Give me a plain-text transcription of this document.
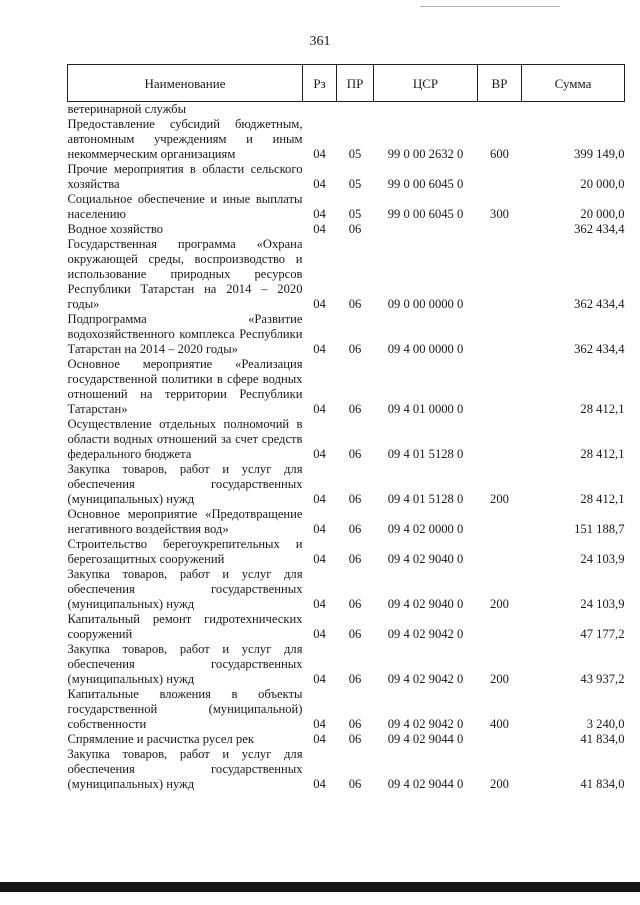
361
Наименование	Рз	ПР	ЦСР	ВР	Сумма
ветеринарной службы					
Предоставление субсидий бюджетным, автономным учреждениям и иным некоммерческим организациям	04	05	99 0 00 2632 0	600	399 149,0
Прочие мероприятия в области сельского хозяйства	04	05	99 0 00 6045 0		20 000,0
Социальное обеспечение и иные выплаты населению	04	05	99 0 00 6045 0	300	20 000,0
Водное хозяйство	04	06			362 434,4
Государственная программа «Охрана окружающей среды, воспроизводство и использование природных ресурсов Республики Татарстан на 2014 – 2020 годы»	04	06	09 0 00 0000 0		362 434,4
Подпрограмма «Развитие водохозяйственного комплекса Республики Татарстан на 2014 – 2020 годы»	04	06	09 4 00 0000 0		362 434,4
Основное мероприятие «Реализация государственной политики в сфере водных отношений на территории Республики Татарстан»	04	06	09 4 01 0000 0		28 412,1
Осуществление отдельных полномочий в области водных отношений за счет средств федерального бюджета	04	06	09 4 01 5128 0		28 412,1
Закупка товаров, работ и услуг для обеспечения государственных (муниципальных) нужд	04	06	09 4 01 5128 0	200	28 412,1
Основное мероприятие «Предотвращение негативного воздействия вод»	04	06	09 4 02 0000 0		151 188,7
Строительство берегоукрепительных и берегозащитных сооружений	04	06	09 4 02 9040 0		24 103,9
Закупка товаров, работ и услуг для обеспечения государственных (муниципальных) нужд	04	06	09 4 02 9040 0	200	24 103,9
Капитальный ремонт гидротехнических сооружений	04	06	09 4 02 9042 0		47 177,2
Закупка товаров, работ и услуг для обеспечения государственных (муниципальных) нужд	04	06	09 4 02 9042 0	200	43 937,2
Капитальные вложения в объекты государственной (муниципальной) собственности	04	06	09 4 02 9042 0	400	3 240,0
Спрямление и расчистка русел рек	04	06	09 4 02 9044 0		41 834,0
Закупка товаров, работ и услуг для обеспечения государственных (муниципальных) нужд	04	06	09 4 02 9044 0	200	41 834,0
